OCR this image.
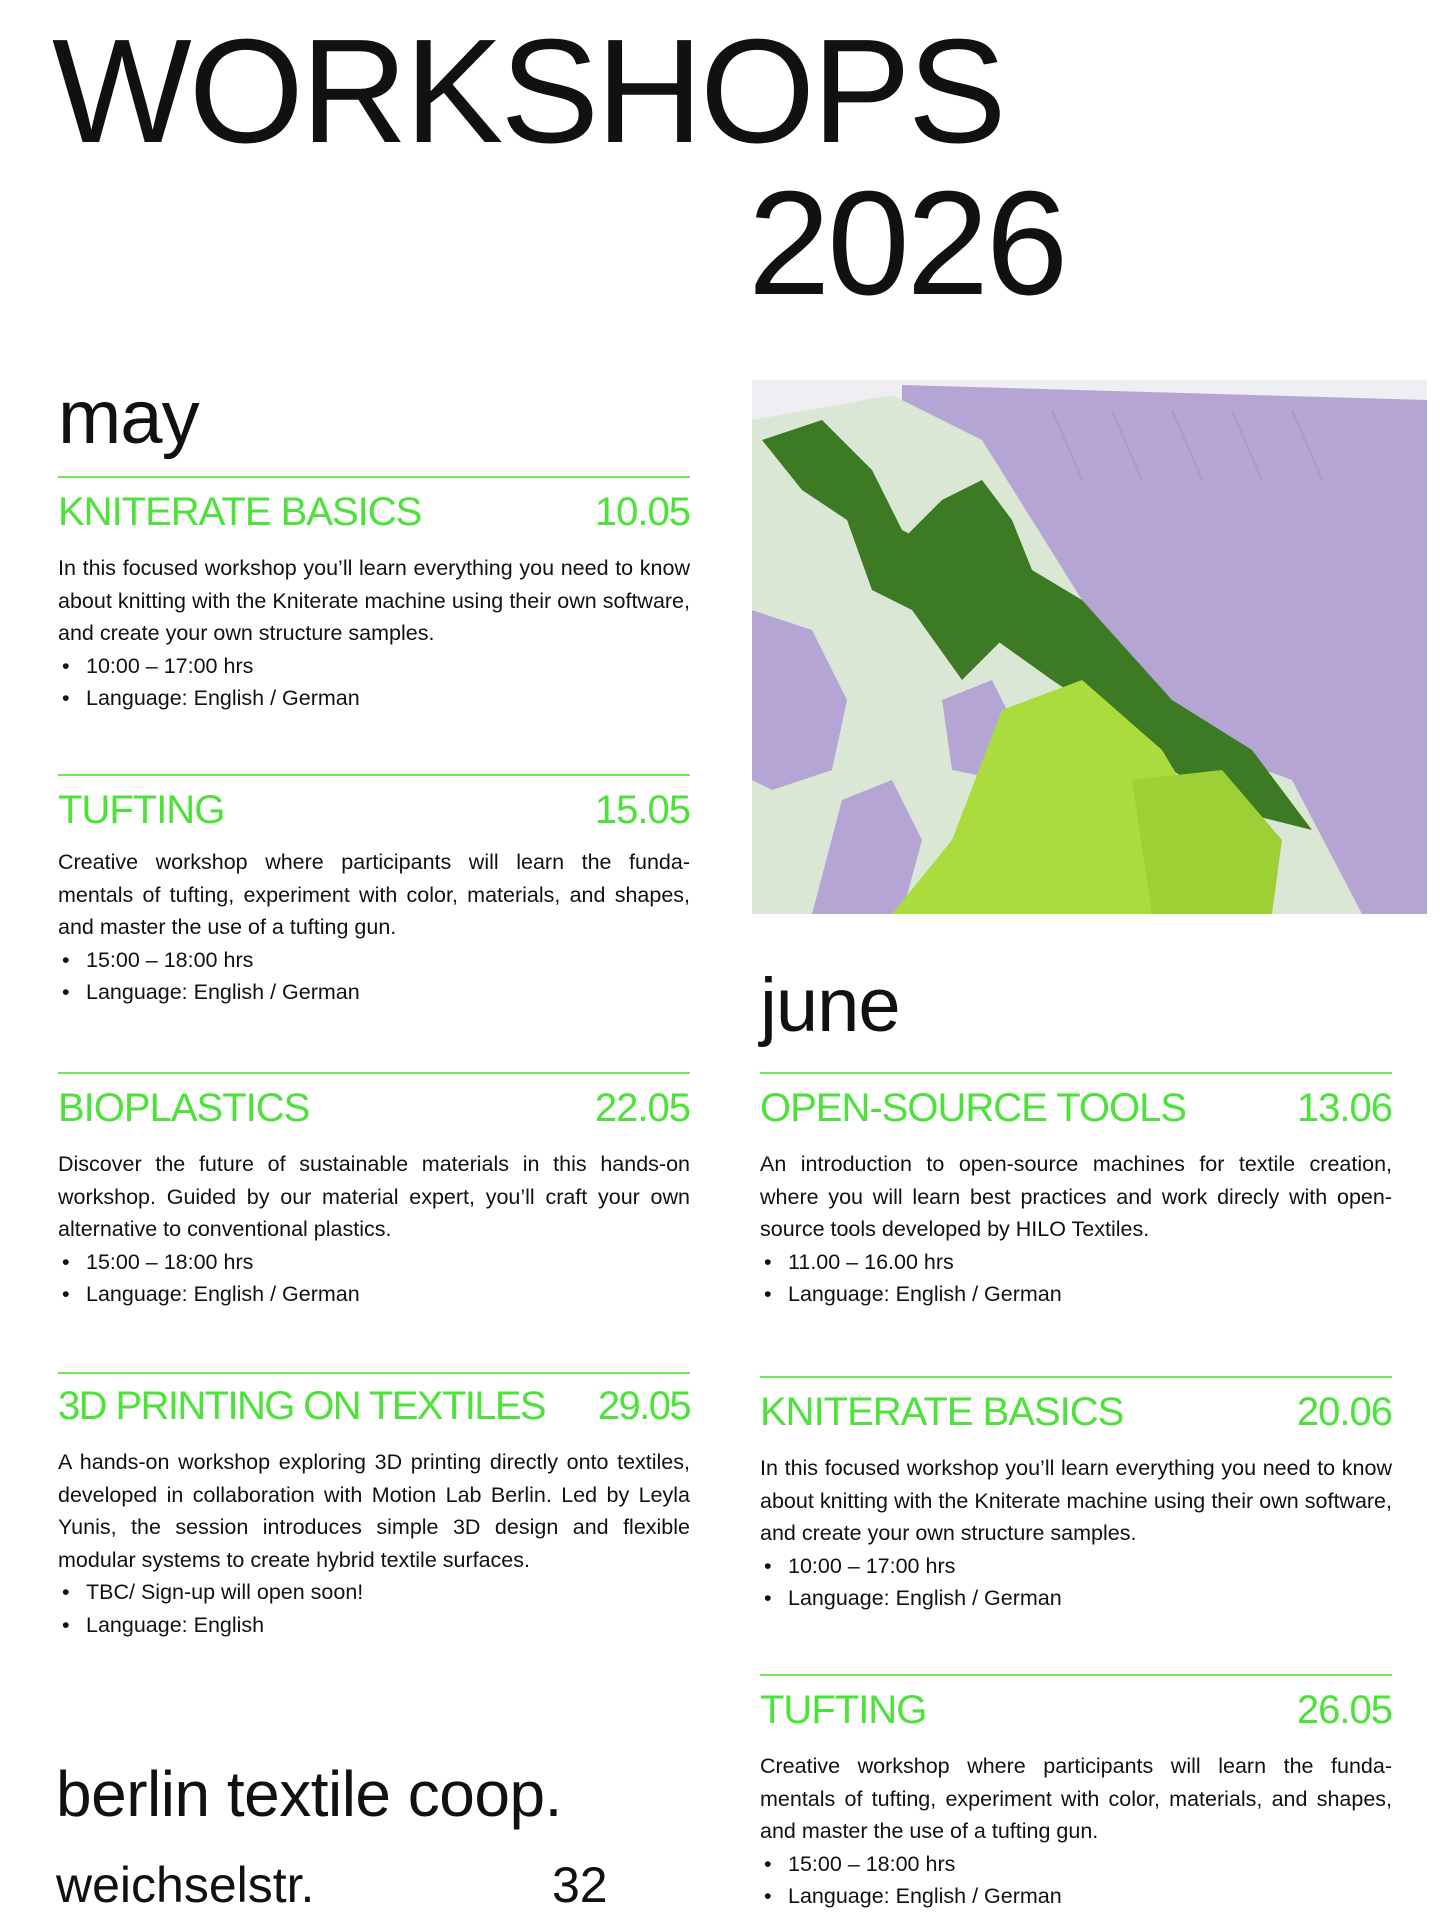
WORKSHOPS
2026
may
KNITERATE BASICS	10.05
In this focused workshop you’ll learn everything you need to know about knitting with the Kniterate machine using their own software, and create your own structure samples.
• 10:00 – 17:00 hrs
• Language: English / German
TUFTING	15.05
Creative workshop where participants will learn the funda- mentals of tufting, experiment with color, materials, and shapes, and master the use of a tufting gun.
• 15:00 – 18:00 hrs
• Language: English / German
BIOPLASTICS	22.05
Discover the future of sustainable materials in this hands-on workshop. Guided by our material expert, you’ll craft your own alternative to conventional plastics.
• 15:00 – 18:00 hrs
• Language: English / German
3D PRINTING ON TEXTILES 29.05
A hands-on workshop exploring 3D printing directly onto textiles, developed in collaboration with Motion Lab Berlin. Led by Leyla Yunis, the session introduces simple 3D design and flexible modular systems to create hybrid textile surfaces.
• TBC/ Sign-up will open soon!
• Language: English
june
OPEN-SOURCE TOOLS	13.06
An introduction to open-source machines for textile creation, where you will learn best practices and work direcly with open-source tools developed by HILO Textiles.
• 11.00 – 16.00 hrs
• Language: English / German
KNITERATE BASICS	20.06
In this focused workshop you’ll learn everything you need to know about knitting with the Kniterate machine using their own software, and create your own structure samples.
• 10:00 – 17:00 hrs
• Language: English / German
TUFTING	26.05
Creative workshop where participants will learn the funda- mentals of tufting, experiment with color, materials, and shapes, and master the use of a tufting gun.
• 15:00 – 18:00 hrs
• Language: English / German
berlin textile coop.
weichselstr.	32
